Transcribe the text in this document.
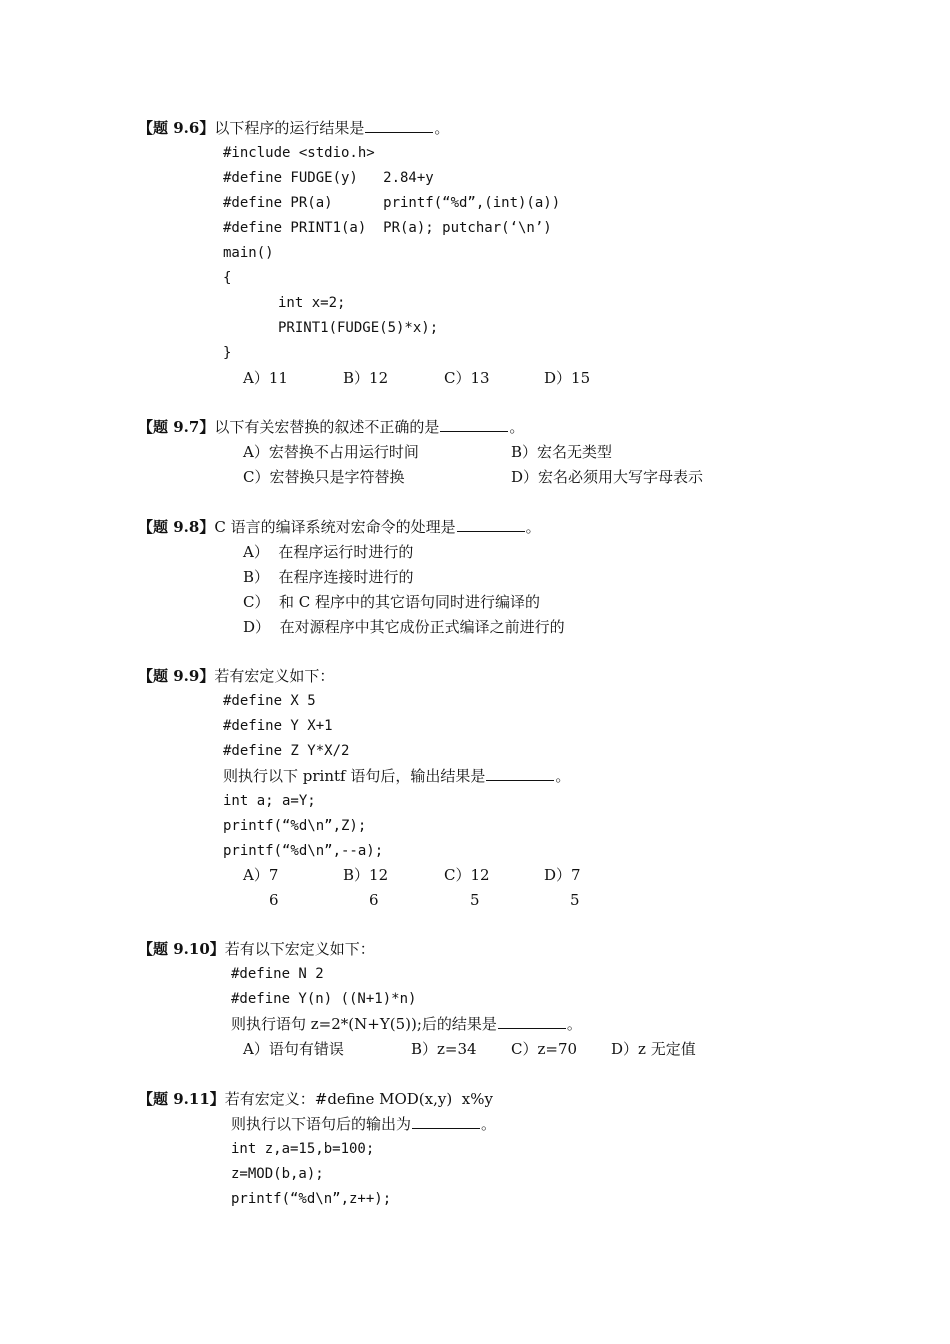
【题 9.6】以下程序的运行结果是	。
#include <stdio.h>
#define FUDGE(y)   2.84+y
#define PR(a)      printf(“%d”,(int)(a))
#define PRINT1(a)  PR(a); putchar(‘\n’)
main()
{
int x=2;
PRINT1(FUDGE(5)*x);
}
A）11	B）12	C）13	D）15
【题 9.7】以下有关宏替换的叙述不正确的是	。
A）宏替换不占用运行时间	B）宏名无类型
C）宏替换只是字符替换	D）宏名必须用大写字母表示
【题 9.8】C 语言的编译系统对宏命令的处理是	。
A）  在程序运行时进行的
B）  在程序连接时进行的
C）  和 C 程序中的其它语句同时进行编译的
D）  在对源程序中其它成份正式编译之前进行的
【题 9.9】若有宏定义如下：
#define X 5
#define Y X+1
#define Z Y*X/2
则执行以下 printf 语句后，输出结果是	。
int a; a=Y;
printf(“%d\n”,Z);
printf(“%d\n”,--a);
A）7	B）12	C）12	D）7
6	6	5	5
【题 9.10】若有以下宏定义如下：
#define N 2
#define Y(n) ((N+1)*n)
则执行语句 z=2*(N+Y(5));后的结果是	。
A）语句有错误	B）z=34 C）z=70 D）z 无定值
【题 9.11】若有宏定义：#define MOD(x,y)  x%y
则执行以下语句后的输出为	。
int z,a=15,b=100;
z=MOD(b,a);
printf(“%d\n”,z++);
